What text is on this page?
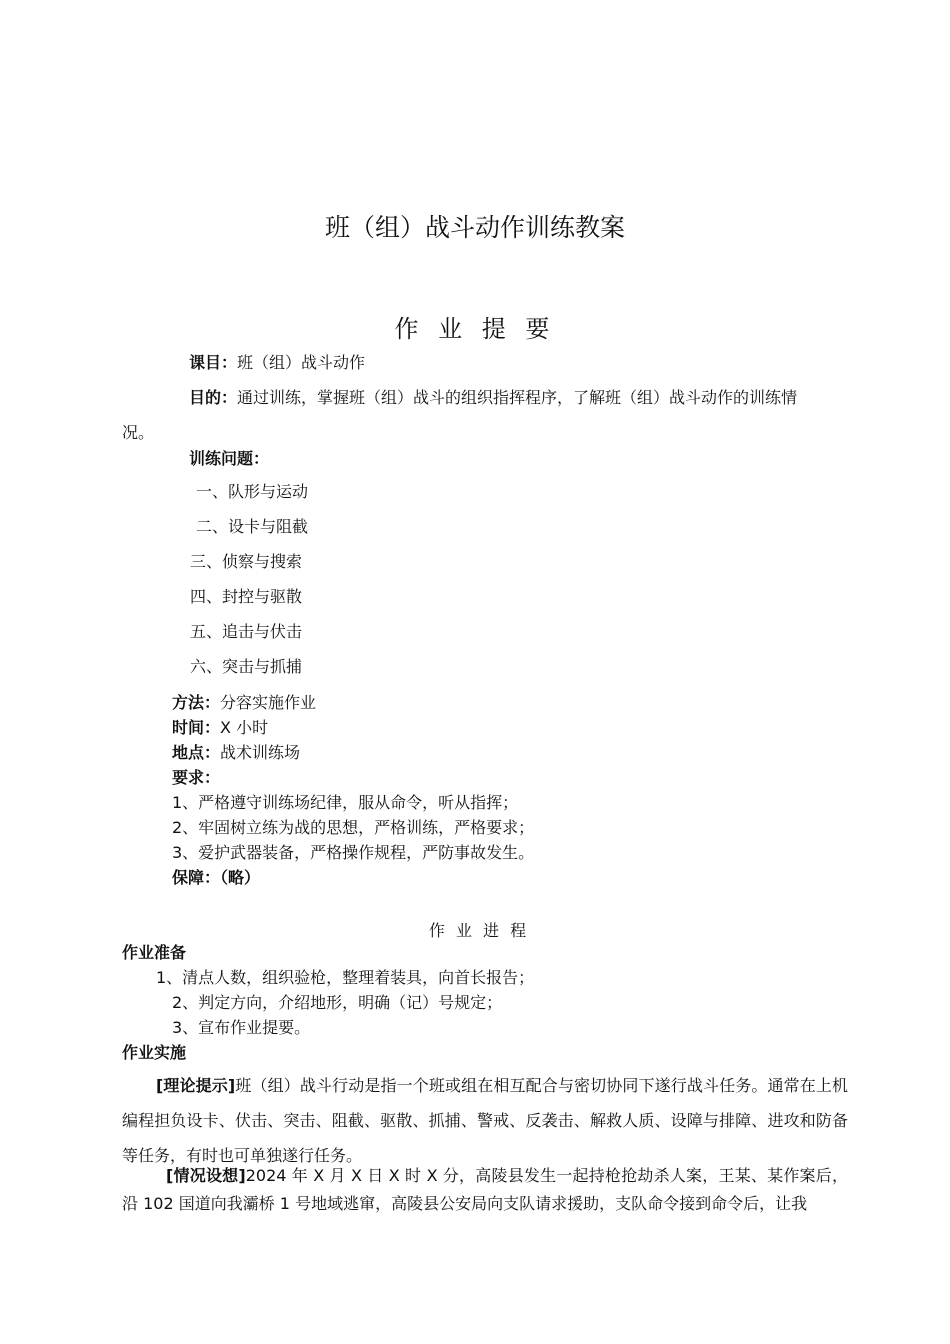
班（组）战斗动作训练教案
作 业 提 要
课目：班（组）战斗动作
目的：通过训练，掌握班（组）战斗的组织指挥程序，了解班（组）战斗动作的训练情
况。
训练问题：
一、队形与运动
二、设卡与阻截
三、侦察与搜索
四、封控与驱散
五、追击与伏击
六、突击与抓捕
方法：分容实施作业
时间：X 小时
地点：战术训练场
要求：
1、严格遵守训练场纪律，服从命令，听从指挥；
2、牢固树立练为战的思想，严格训练，严格要求；
3、爱护武器装备，严格操作规程，严防事故发生。
保障：（略）
作 业 进 程
作业准备
1、清点人数，组织验枪，整理着装具，向首长报告；
2、判定方向，介绍地形，明确（记）号规定；
3、宣布作业提要。
作业实施
[理论提示]班（组）战斗行动是指一个班或组在相互配合与密切协同下遂行战斗任务。通常在上机编程担负设卡、伏击、突击、阻截、驱散、抓捕、警戒、反袭击、解救人质、设障与排障、进攻和防备等任务，有时也可单独遂行任务。
[情况设想]2024 年 X 月 X 日 X 时 X 分，高陵县发生一起持枪抢劫杀人案，王某、某作案后，沿 102 国道向我灞桥 1 号地域逃窜，高陵县公安局向支队请求援助，支队命令接到命令后，让我
